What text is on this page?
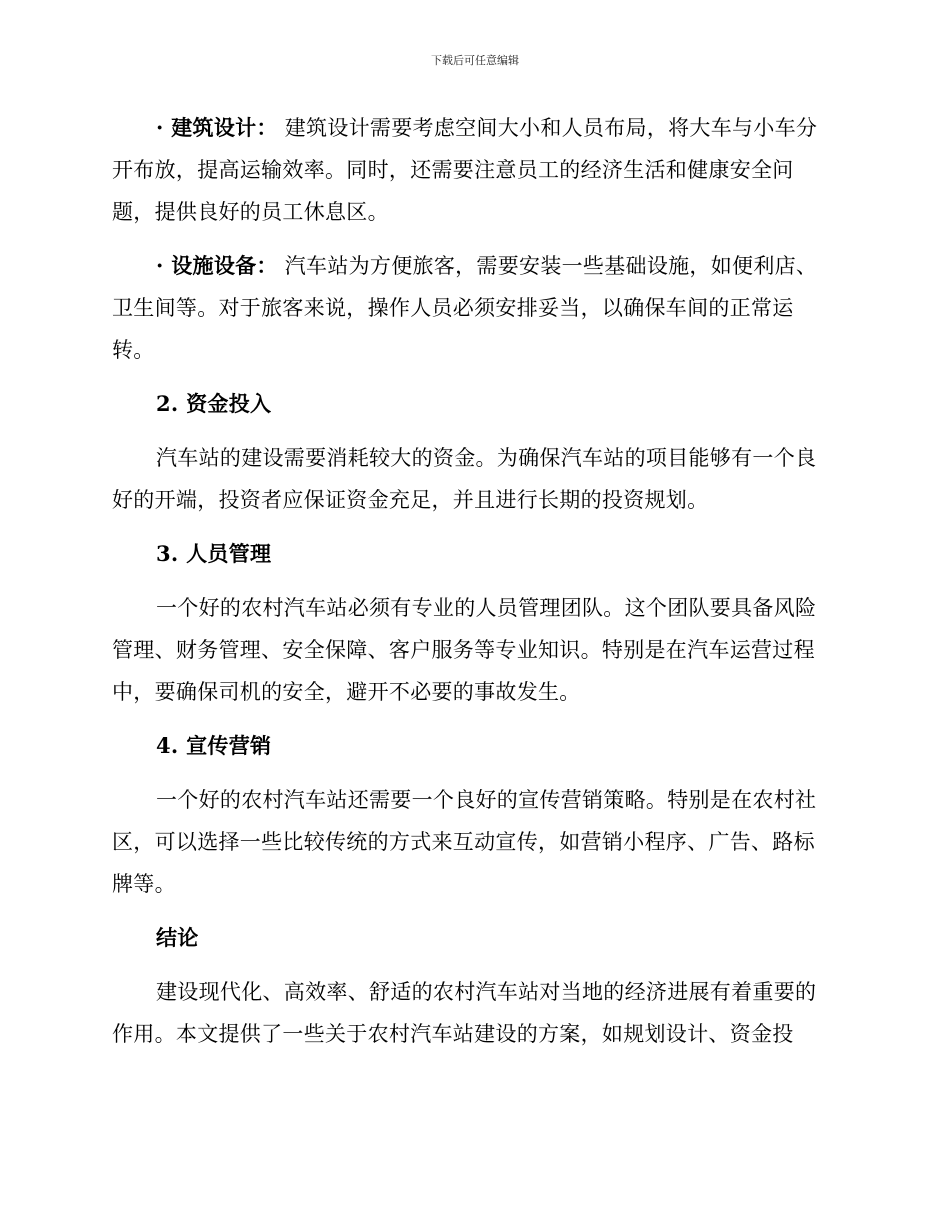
下载后可任意编辑

· 建筑设计： 建筑设计需要考虑空间大小和人员布局，将大车与小车分开布放，提高运输效率。同时，还需要注意员工的经济生活和健康安全问题，提供良好的员工休息区。

· 设施设备： 汽车站为方便旅客，需要安装一些基础设施，如便利店、卫生间等。对于旅客来说，操作人员必须安排妥当，以确保车间的正常运转。

2. 资金投入

汽车站的建设需要消耗较大的资金。为确保汽车站的项目能够有一个良好的开端，投资者应保证资金充足，并且进行长期的投资规划。

3. 人员管理

一个好的农村汽车站必须有专业的人员管理团队。这个团队要具备风险管理、财务管理、安全保障、客户服务等专业知识。特别是在汽车运营过程中，要确保司机的安全，避开不必要的事故发生。

4. 宣传营销

一个好的农村汽车站还需要一个良好的宣传营销策略。特别是在农村社区，可以选择一些比较传统的方式来互动宣传，如营销小程序、广告、路标牌等。

结论

建设现代化、高效率、舒适的农村汽车站对当地的经济进展有着重要的作用。本文提供了一些关于农村汽车站建设的方案，如规划设计、资金投
